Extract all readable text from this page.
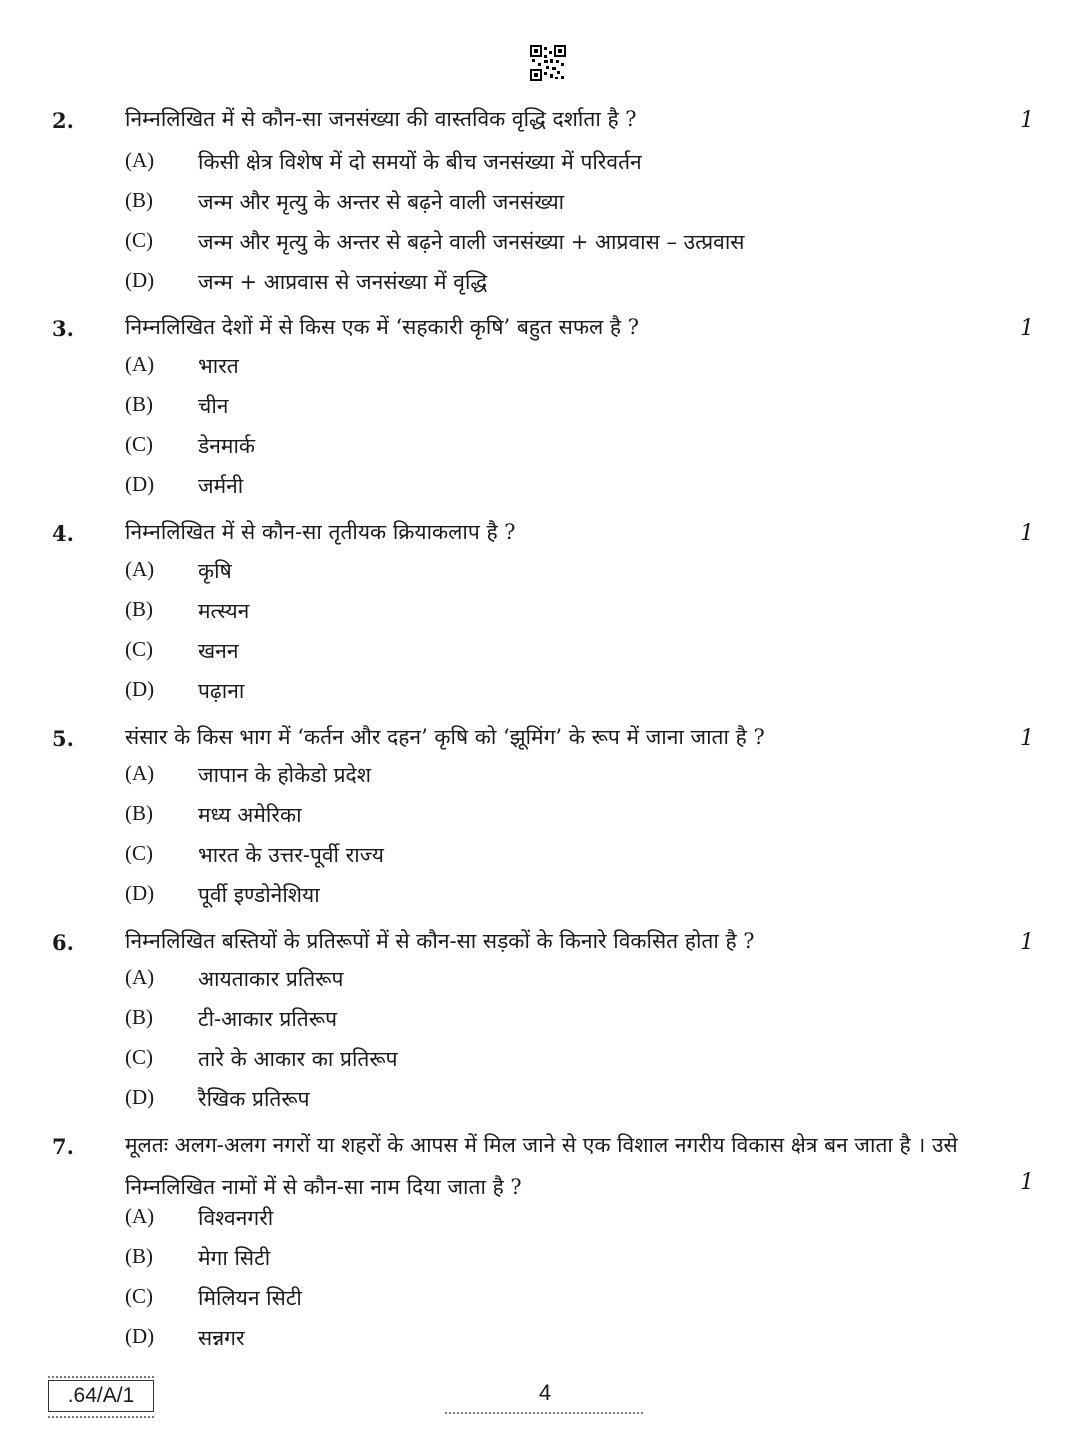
2. निम्नलिखित में से कौन-सा जनसंख्या की वास्तविक वृद्धि दर्शाता है ?	1
(A) किसी क्षेत्र विशेष में दो समयों के बीच जनसंख्या में परिवर्तन
(B) जन्म और मृत्यु के अन्तर से बढ़ने वाली जनसंख्या
(C) जन्म और मृत्यु के अन्तर से बढ़ने वाली जनसंख्या + आप्रवास – उत्प्रवास
(D) जन्म + आप्रवास से जनसंख्या में वृद्धि
3. निम्नलिखित देशों में से किस एक में ‘सहकारी कृषि’ बहुत सफल है ?	1
(A) भारत
(B) चीन
(C) डेनमार्क
(D) जर्मनी
4. निम्नलिखित में से कौन-सा तृतीयक क्रियाकलाप है ?	1
(A) कृषि
(B) मत्स्यन
(C) खनन
(D) पढ़ाना
5. संसार के किस भाग में ‘कर्तन और दहन’ कृषि को ‘झूमिंग’ के रूप में जाना जाता है ?	1
(A) जापान के होकेडो प्रदेश
(B) मध्य अमेरिका
(C) भारत के उत्तर-पूर्वी राज्य
(D) पूर्वी इण्डोनेशिया
6. निम्नलिखित बस्तियों के प्रतिरूपों में से कौन-सा सड़कों के किनारे विकसित होता है ?	1
(A) आयताकार प्रतिरूप
(B) टी-आकार प्रतिरूप
(C) तारे के आकार का प्रतिरूप
(D) रैखिक प्रतिरूप
7. मूलतः अलग-अलग नगरों या शहरों के आपस में मिल जाने से एक विशाल नगरीय विकास क्षेत्र बन जाता है । उसे निम्नलिखित नामों में से कौन-सा नाम दिया जाता है ?	1
(A) विश्वनगरी
(B) मेगा सिटी
(C) मिलियन सिटी
(D) सन्नगर
.64/A/1	4
